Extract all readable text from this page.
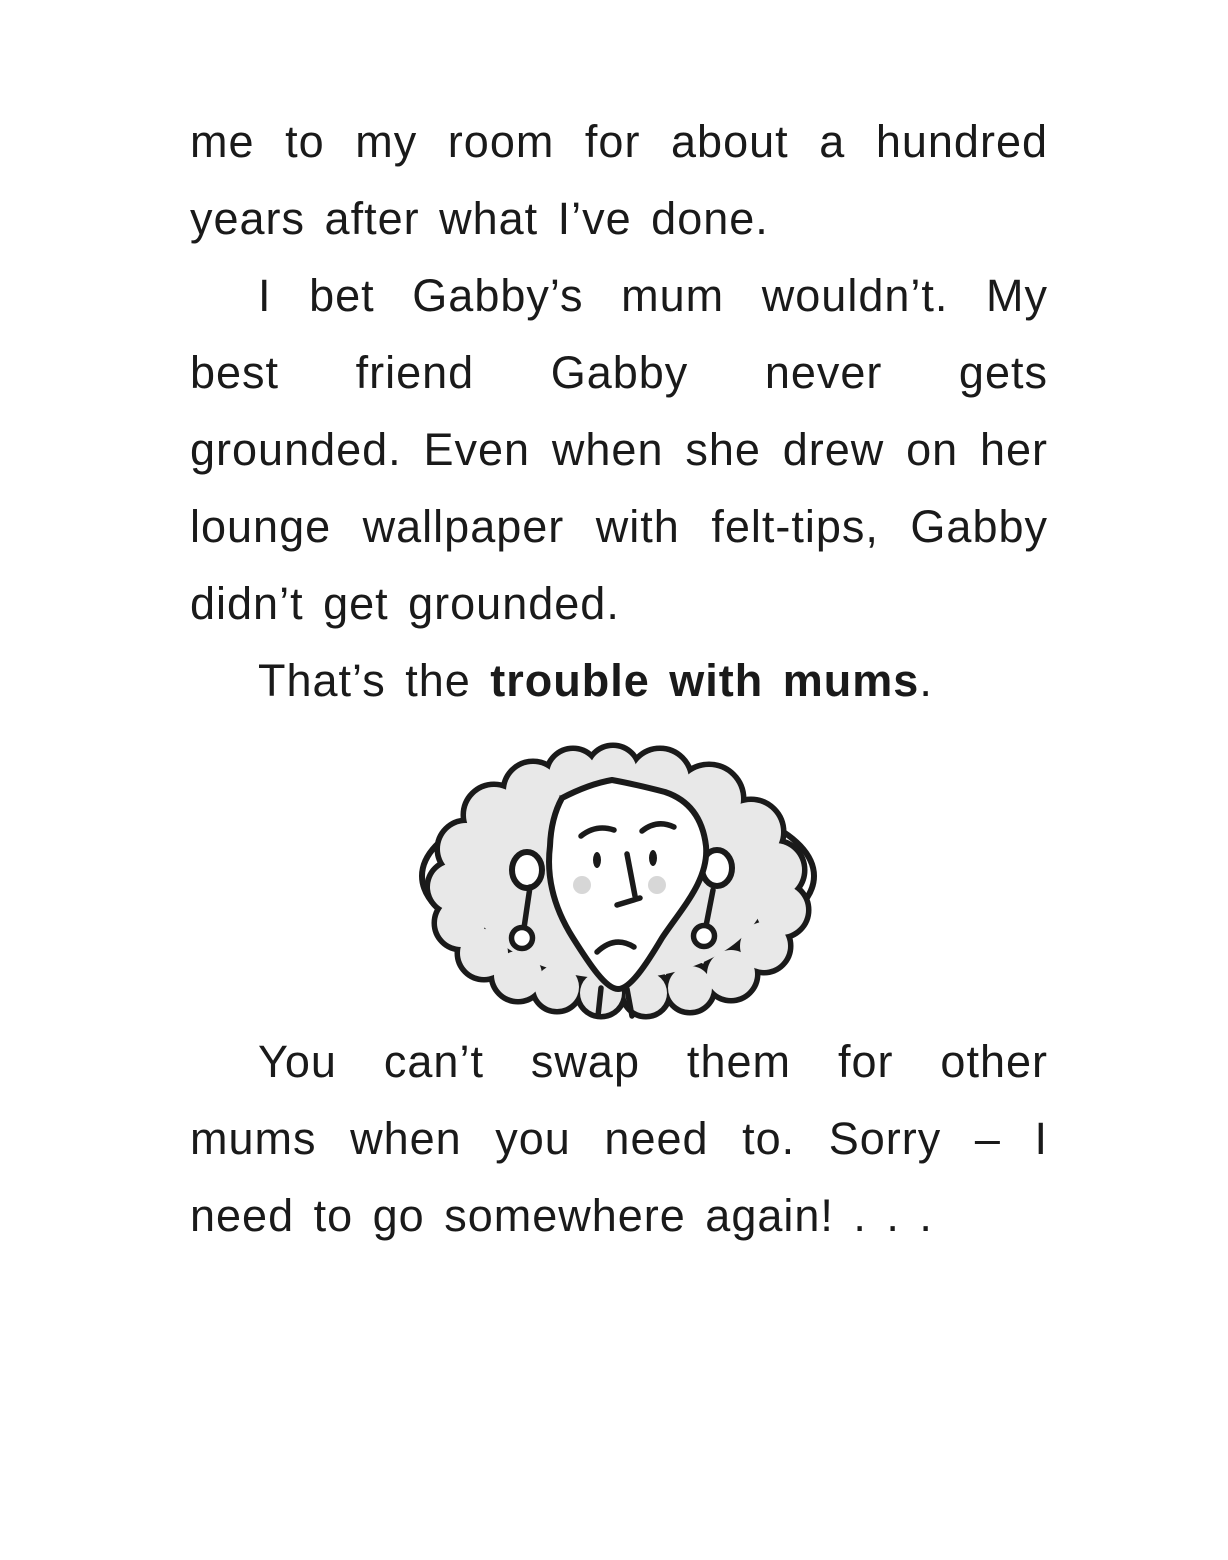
me to my room for about a hundred years after what I’ve done.

I bet Gabby’s mum wouldn’t. My best friend Gabby never gets grounded. Even when she drew on her lounge wallpaper with felt-tips, Gabby didn’t get grounded.

That’s the trouble with mums.

You can’t swap them for other mums when you need to. Sorry – I need to go somewhere again! . . .
